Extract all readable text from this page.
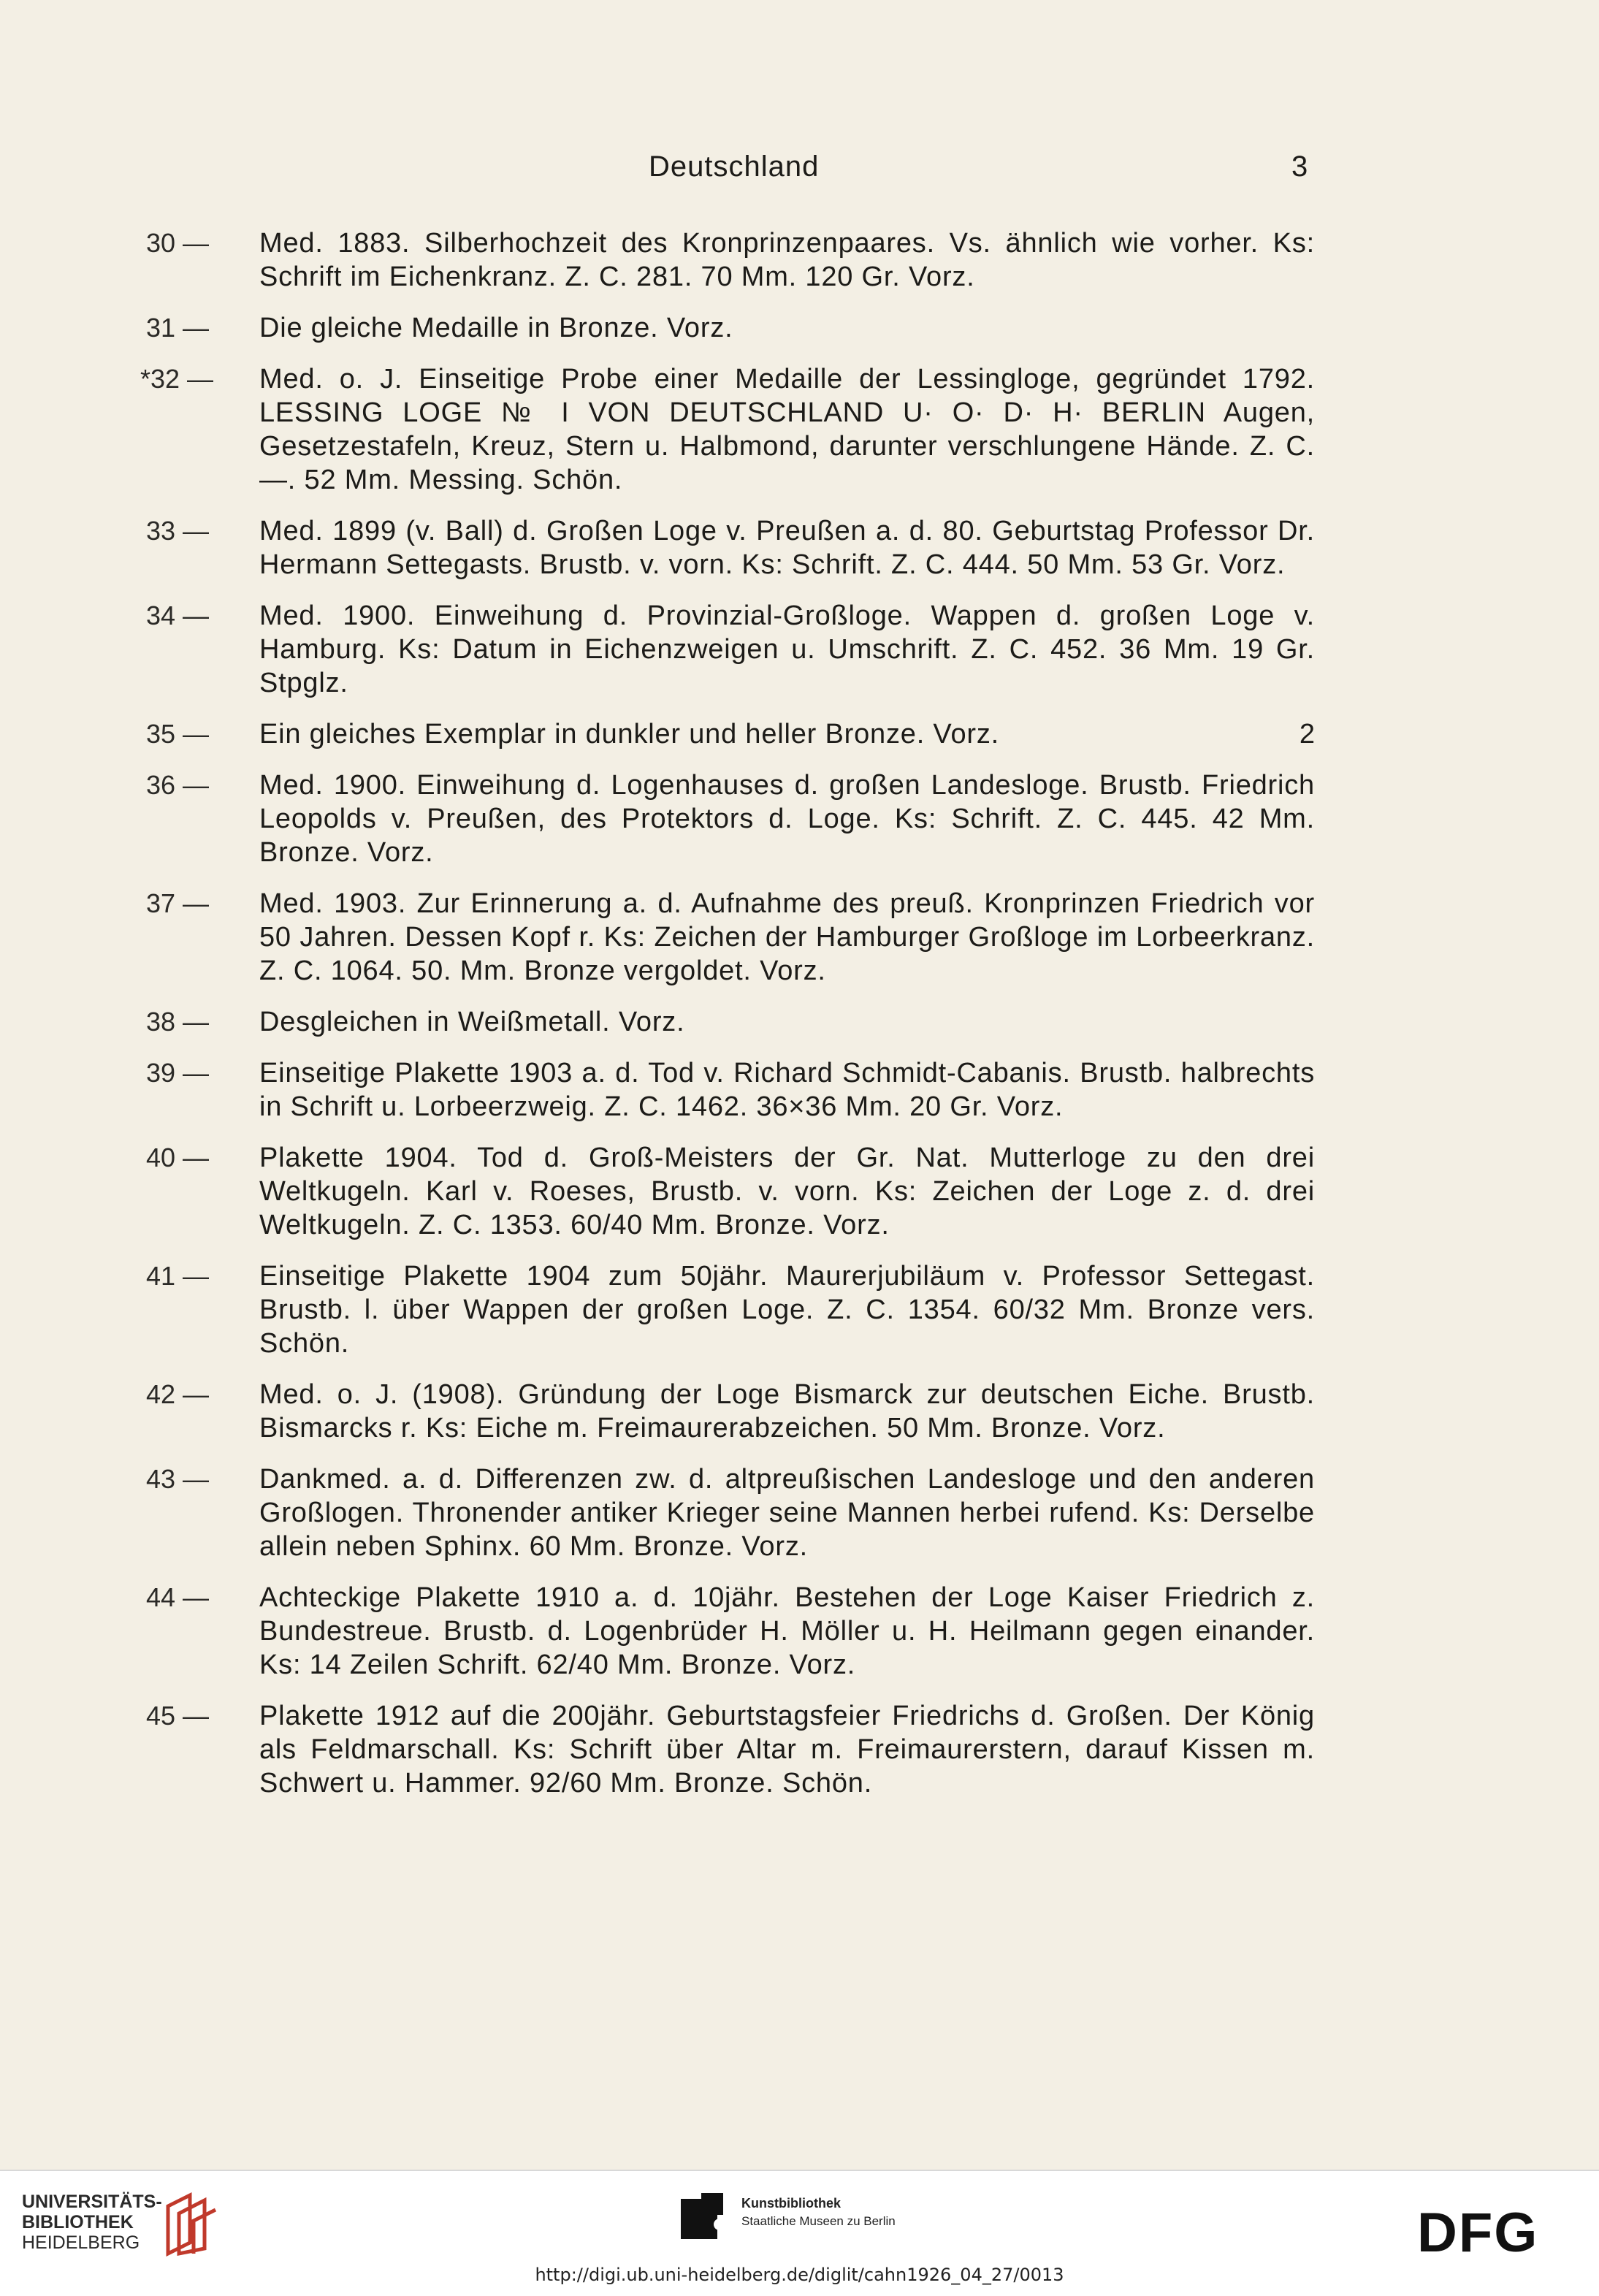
Deutschland	3
30 —	Med. 1883. Silberhochzeit des Kronprinzenpaares. Vs. ähnlich wie vorher. Ks: Schrift im Eichenkranz. Z. C. 281. 70 Mm. 120 Gr. Vorz.
31 —	Die gleiche Medaille in Bronze. Vorz.
*32 —	Med. o. J. Einseitige Probe einer Medaille der Lessingloge, gegründet 1792. LESSING LOGE № I VON DEUTSCHLAND U· O· D· H· BERLIN Augen, Gesetzestafeln, Kreuz, Stern u. Halbmond, darunter verschlungene Hände. Z. C. —. 52 Mm. Messing. Schön.
33 —	Med. 1899 (v. Ball) d. Großen Loge v. Preußen a. d. 80. Geburtstag Professor Dr. Hermann Settegasts. Brustb. v. vorn. Ks: Schrift. Z. C. 444. 50 Mm. 53 Gr. Vorz.
34 —	Med. 1900. Einweihung d. Provinzial-Großloge. Wappen d. großen Loge v. Hamburg. Ks: Datum in Eichenzweigen u. Umschrift. Z. C. 452. 36 Mm. 19 Gr. Stpglz.
35 —	Ein gleiches Exemplar in dunkler und heller Bronze. Vorz.	2
36 —	Med. 1900. Einweihung d. Logenhauses d. großen Landesloge. Brustb. Friedrich Leopolds v. Preußen, des Protektors d. Loge. Ks: Schrift. Z. C. 445. 42 Mm. Bronze. Vorz.
37 —	Med. 1903. Zur Erinnerung a. d. Aufnahme des preuß. Kronprinzen Friedrich vor 50 Jahren. Dessen Kopf r. Ks: Zeichen der Hamburger Großloge im Lorbeerkranz. Z. C. 1064. 50. Mm. Bronze vergoldet. Vorz.
38 —	Desgleichen in Weißmetall. Vorz.
39 —	Einseitige Plakette 1903 a. d. Tod v. Richard Schmidt-Cabanis. Brustb. halbrechts in Schrift u. Lorbeerzweig. Z. C. 1462. 36×36 Mm. 20 Gr. Vorz.
40 —	Plakette 1904. Tod d. Groß-Meisters der Gr. Nat. Mutterloge zu den drei Weltkugeln. Karl v. Roeses, Brustb. v. vorn. Ks: Zeichen der Loge z. d. drei Weltkugeln. Z. C. 1353. 60/40 Mm. Bronze. Vorz.
41 —	Einseitige Plakette 1904 zum 50jähr. Maurerjubiläum v. Professor Settegast. Brustb. l. über Wappen der großen Loge. Z. C. 1354. 60/32 Mm. Bronze vers. Schön.
42 —	Med. o. J. (1908). Gründung der Loge Bismarck zur deutschen Eiche. Brustb. Bismarcks r. Ks: Eiche m. Freimaurerabzeichen. 50 Mm. Bronze. Vorz.
43 —	Dankmed. a. d. Differenzen zw. d. altpreußischen Landesloge und den anderen Großlogen. Thronender antiker Krieger seine Mannen herbei rufend. Ks: Derselbe allein neben Sphinx. 60 Mm. Bronze. Vorz.
44 —	Achteckige Plakette 1910 a. d. 10jähr. Bestehen der Loge Kaiser Friedrich z. Bundestreue. Brustb. d. Logenbrüder H. Möller u. H. Heilmann gegen einander. Ks: 14 Zeilen Schrift. 62/40 Mm. Bronze. Vorz.
45 —	Plakette 1912 auf die 200jähr. Geburtstagsfeier Friedrichs d. Großen. Der König als Feldmarschall. Ks: Schrift über Altar m. Freimaurerstern, darauf Kissen m. Schwert u. Hammer. 92/60 Mm. Bronze. Schön.
UNIVERSITÄTS-
BIBLIOTHEK
HEIDELBERG
Kunstbibliothek
Staatliche Museen zu Berlin	DFG
http://digi.ub.uni-heidelberg.de/diglit/cahn1926_04_27/0013
